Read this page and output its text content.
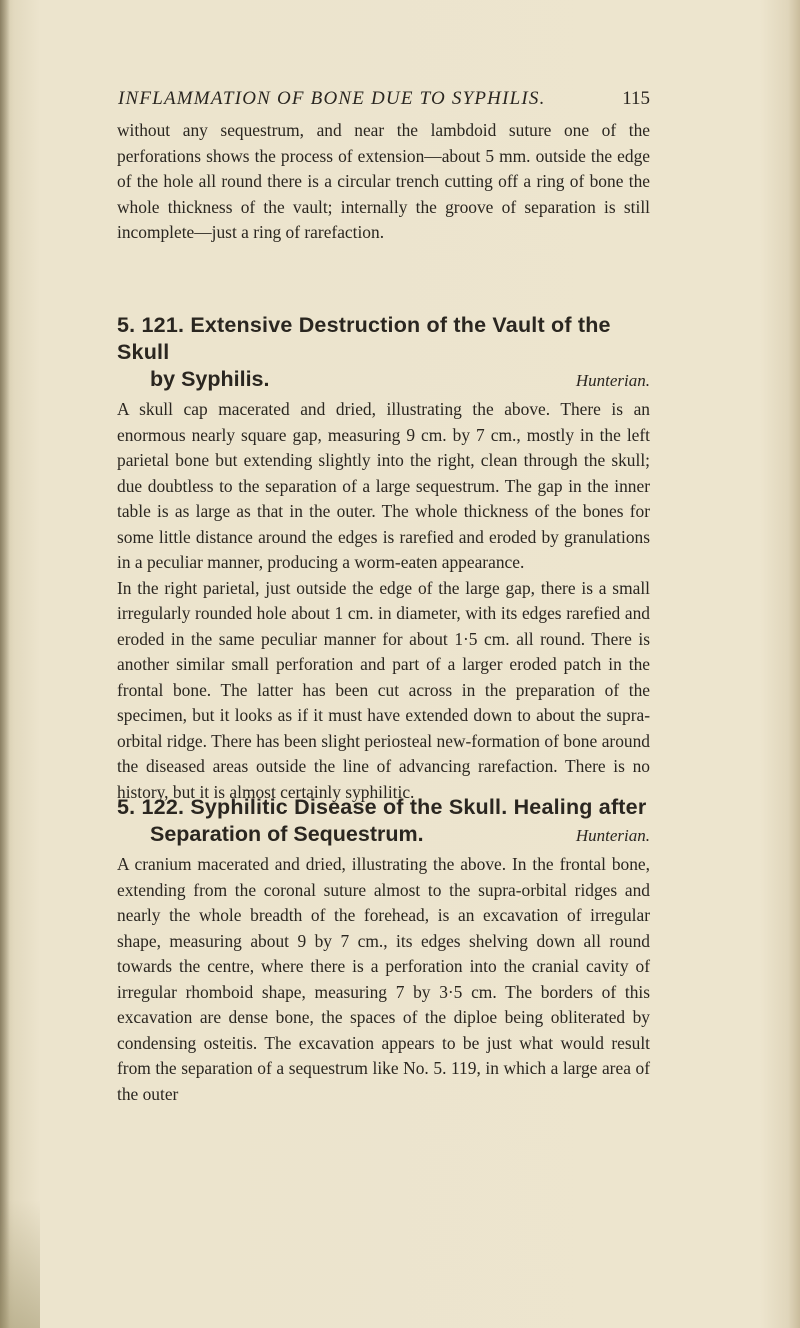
INFLAMMATION OF BONE DUE TO SYPHILIS.	115

without any sequestrum, and near the lambdoid suture one of the perforations shows the process of extension—about 5 mm. outside the edge of the hole all round there is a circular trench cutting off a ring of bone the whole thickness of the vault; internally the groove of separation is still incomplete—just a ring of rarefaction.

5. 121. Extensive Destruction of the Vault of the Skull
by Syphilis.	Hunterian.

A skull cap macerated and dried, illustrating the above. There is an enormous nearly square gap, measuring 9 cm. by 7 cm., mostly in the left parietal bone but extending slightly into the right, clean through the skull; due doubtless to the separation of a large sequestrum. The gap in the inner table is as large as that in the outer. The whole thickness of the bones for some little distance around the edges is rarefied and eroded by granulations in a peculiar manner, producing a worm-eaten appearance.

In the right parietal, just outside the edge of the large gap, there is a small irregularly rounded hole about 1 cm. in diameter, with its edges rarefied and eroded in the same peculiar manner for about 1·5 cm. all round. There is another similar small perforation and part of a larger eroded patch in the frontal bone. The latter has been cut across in the preparation of the specimen, but it looks as if it must have extended down to about the supra-orbital ridge. There has been slight periosteal new-formation of bone around the diseased areas outside the line of advancing rarefaction. There is no history, but it is almost certainly syphilitic.

5. 122. Syphilitic Disease of the Skull. Healing after
Separation of Sequestrum.	Hunterian.

A cranium macerated and dried, illustrating the above. In the frontal bone, extending from the coronal suture almost to the supra-orbital ridges and nearly the whole breadth of the forehead, is an excavation of irregular shape, measuring about 9 by 7 cm., its edges shelving down all round towards the centre, where there is a perforation into the cranial cavity of irregular rhomboid shape, measuring 7 by 3·5 cm. The borders of this excavation are dense bone, the spaces of the diploe being obliterated by condensing osteitis. The excavation appears to be just what would result from the separation of a sequestrum like No. 5. 119, in which a large area of the outer
